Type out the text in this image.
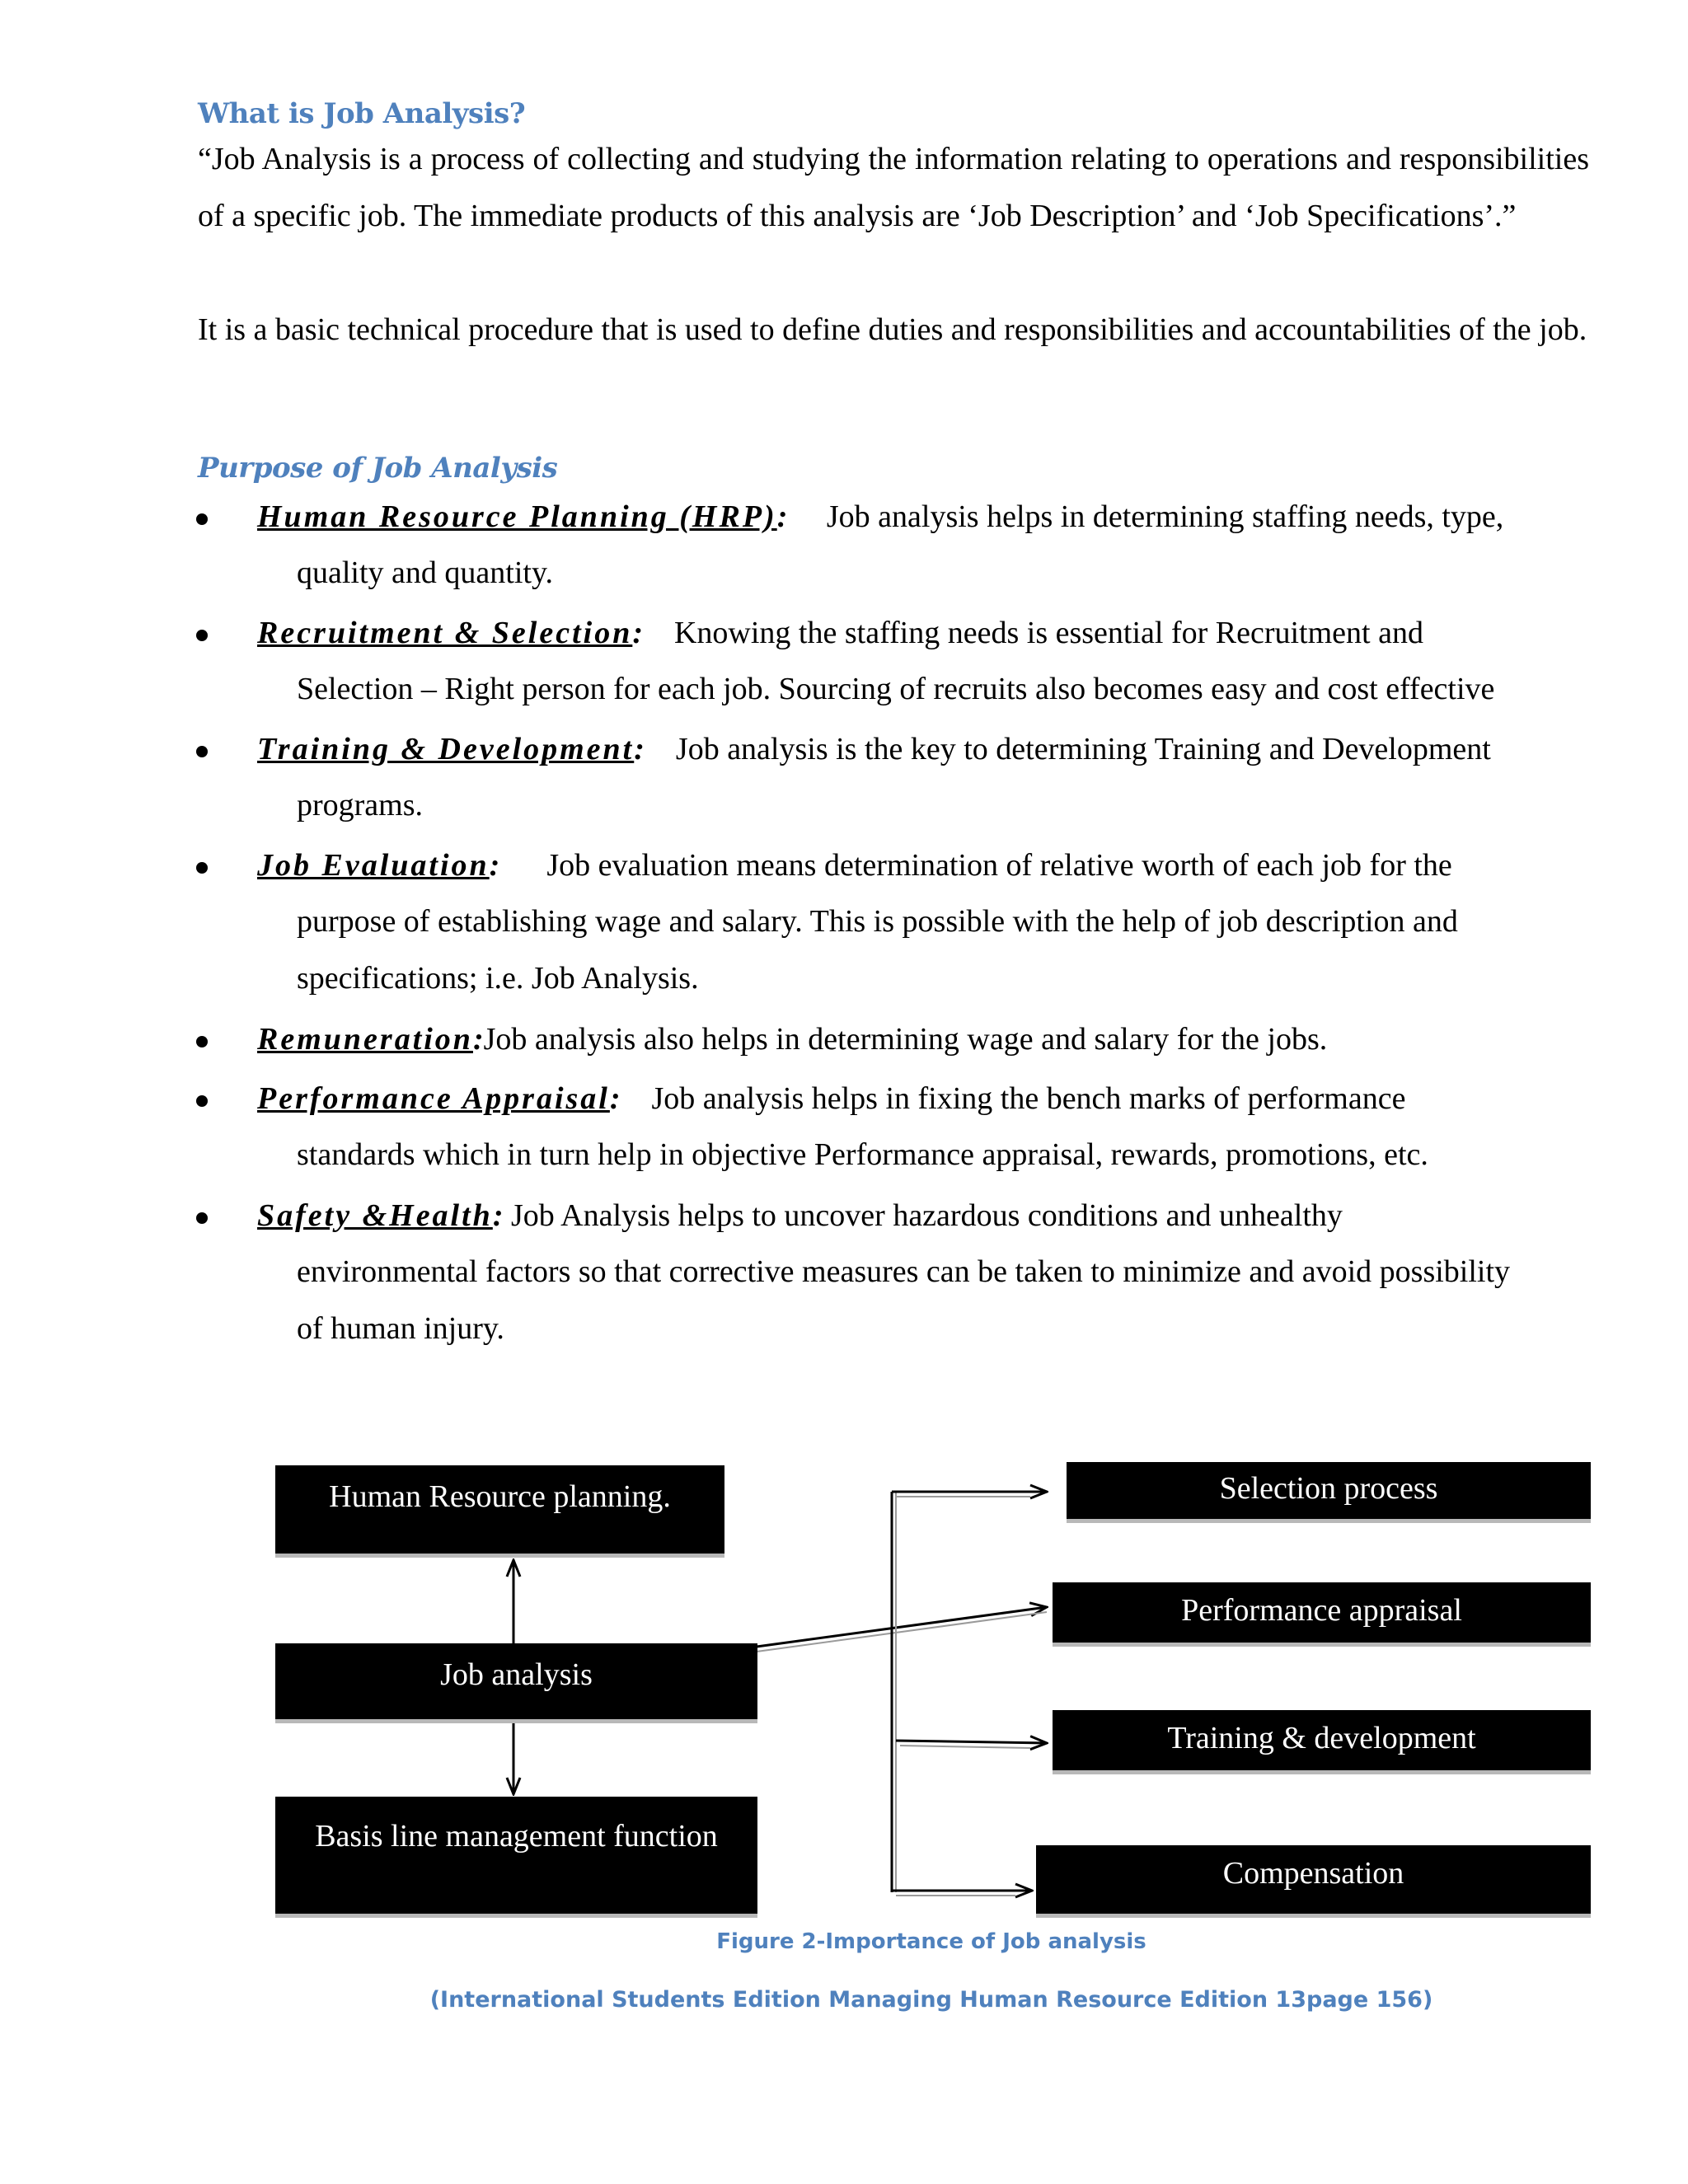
What is Job Analysis?
“Job Analysis is a process of collecting and studying the information relating to operations and responsibilities of a specific job. The immediate products of this analysis are ‘Job Description’ and ‘Job Specifications’.”
It is a basic technical procedure that is used to define duties and responsibilities and accountabilities of the job.
Purpose of Job Analysis
Human Resource Planning (HRP): Job analysis helps in determining staffing needs, type,
quality and quantity.
Recruitment & Selection: Knowing the staffing needs is essential for Recruitment and
Selection – Right person for each job. Sourcing of recruits also becomes easy and cost effective
Training & Development: Job analysis is the key to determining Training and Development
programs.
Job Evaluation: Job evaluation means determination of relative worth of each job for the
purpose of establishing wage and salary. This is possible with the help of job description and
specifications; i.e. Job Analysis.
Remuneration:Job analysis also helps in determining wage and salary for the jobs.
Performance Appraisal: Job analysis helps in fixing the bench marks of performance
standards which in turn help in objective Performance appraisal, rewards, promotions, etc.
Safety &Health: Job Analysis helps to uncover hazardous conditions and unhealthy
environmental factors so that corrective measures can be taken to minimize and avoid possibility
of human injury.
Human Resource planning.
Job analysis
Basis line management function
Selection process
Performance appraisal
Training & development
Compensation
Figure 2-Importance of Job analysis
(International Students Edition Managing Human Resource Edition 13page 156)
